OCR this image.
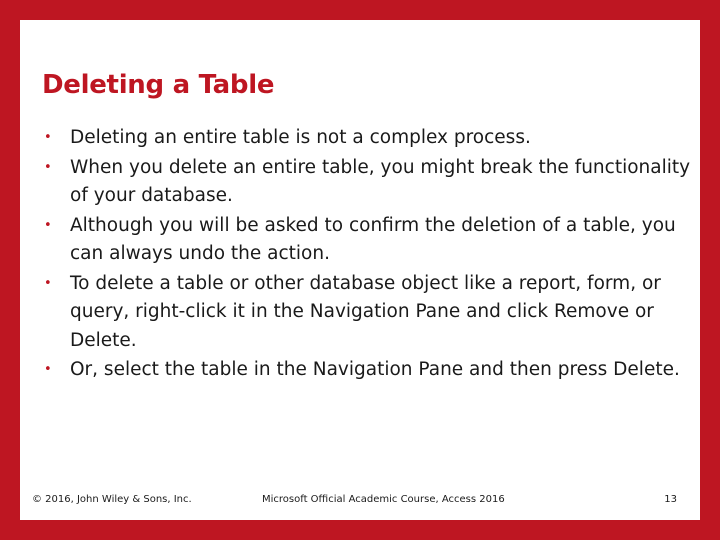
Deleting a Table
• Deleting an entire table is not a complex process.
• When you delete an entire table, you might break the functionality of your database.
• Although you will be asked to confirm the deletion of a table, you can always undo the action.
• To delete a table or other database object like a report, form, or query, right-click it in the Navigation Pane and click Remove or Delete.
• Or, select the table in the Navigation Pane and then press Delete.
© 2016, John Wiley & Sons, Inc.	Microsoft Official Academic Course, Access 2016	13
